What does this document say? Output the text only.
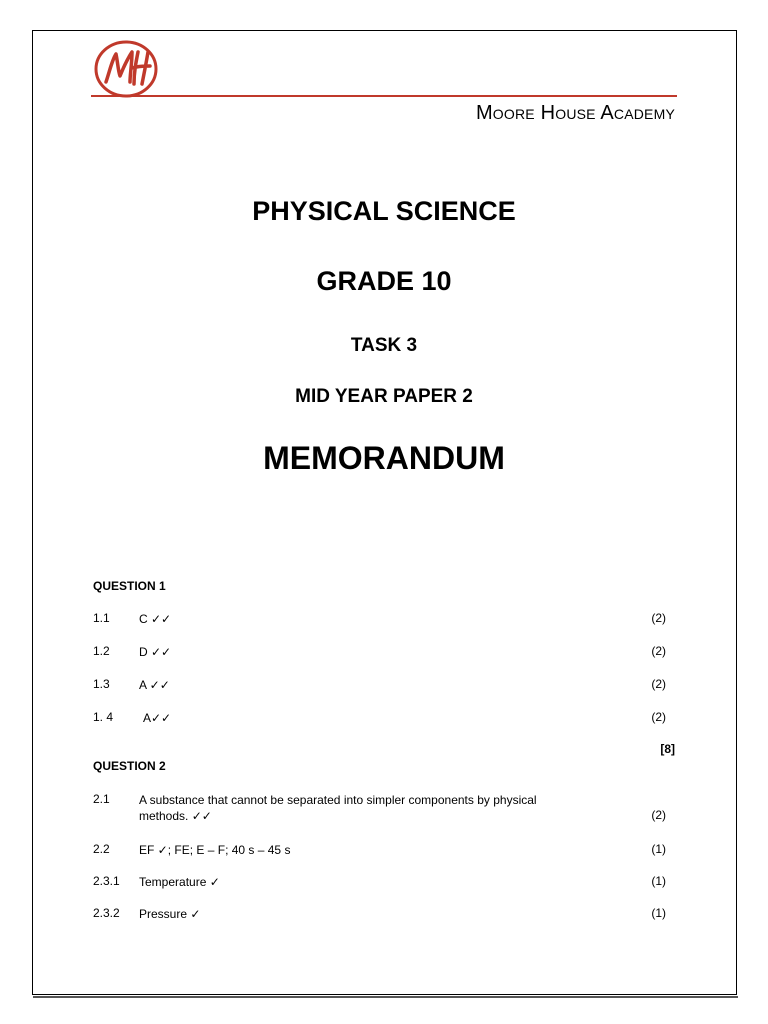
Moore House Academy
PHYSICAL SCIENCE
GRADE 10
TASK 3
MID YEAR PAPER 2
MEMORANDUM
QUESTION 1
1.1 C ✓✓	(2)
1.2 D ✓✓	(2)
1.3 A ✓✓	(2)
1. 4 A✓✓	(2)
[8]
QUESTION 2
2.1 A substance that cannot be separated into simpler components by physical methods. ✓✓	(2)
2.2 EF ✓; FE; E – F; 40 s – 45 s	(1)
2.3.1 Temperature ✓	(1)
2.3.2 Pressure ✓	(1)
